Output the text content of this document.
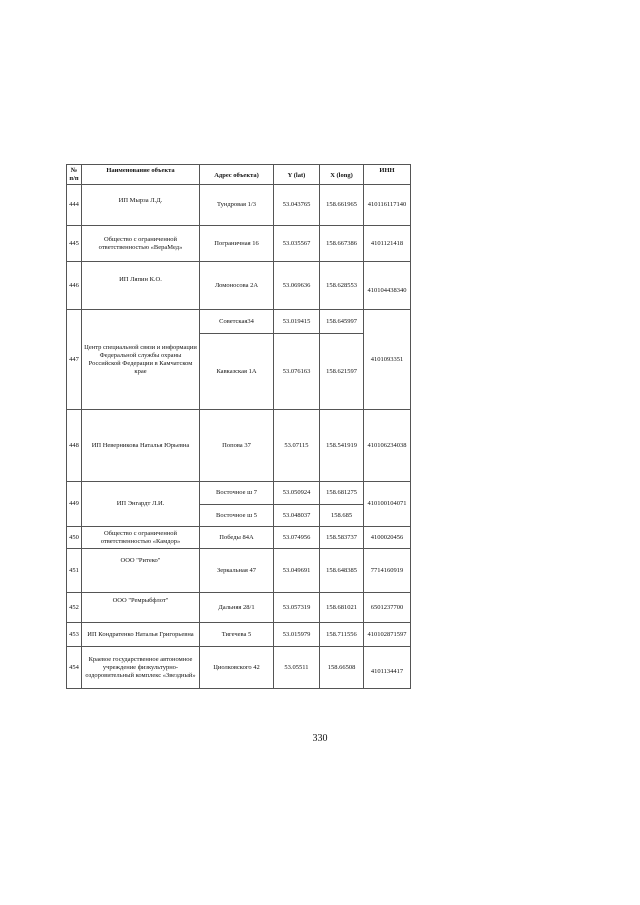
№ п/п	Наименование объекта	Адрес объекта)	Y (lat)	X (long)	ИНН
444	ИП Мырза Л.Д.	Тундровая 1/3	53.043765	158.661965	410116117140
445	Общество с ограниченной ответственностью «ВераМед»	Пограничная 16	53.035567	158.667386	4101121418
446	ИП Ляпин К.О.	Ломоносова 2А	53.069636	158.628553	410104438340
447	Центр специальной связи и информации Федеральной службы охраны Российской Федерации в Камчатском крае	Советская34	53.019415	158.645997	4101093351
		Кавказская 1А	53.076163	158.621597	
448	ИП Неверникова Наталья Юрьевна	Попова 37	53.07115	158.541919	410106234038
449	ИП Энгардт Л.И.	Восточное ш 7	53.050924	158.681275	410100104071
		Восточное ш 5	53.048037	158.685	
450	Общество с ограниченной ответственностью «Камдор»	Победы 84А	53.074956	158.583737	4100020456
451	ООО "Ритеко"	Зеркальная 47	53.049691	158.648385	7714160919
452	ООО "Ремрыбфлот"	Дальняя 28/1	53.057319	158.681021	6501237700
453	ИП Кондратенко Наталья Григорьевна	Тигечева 5	53.015979	158.711556	410102871597
454	Краевое государственное автономное учреждение физкультурно-оздоровительный комплекс «Звездный»	Циолковского 42	53.05511	158.66508	4101134417
330
